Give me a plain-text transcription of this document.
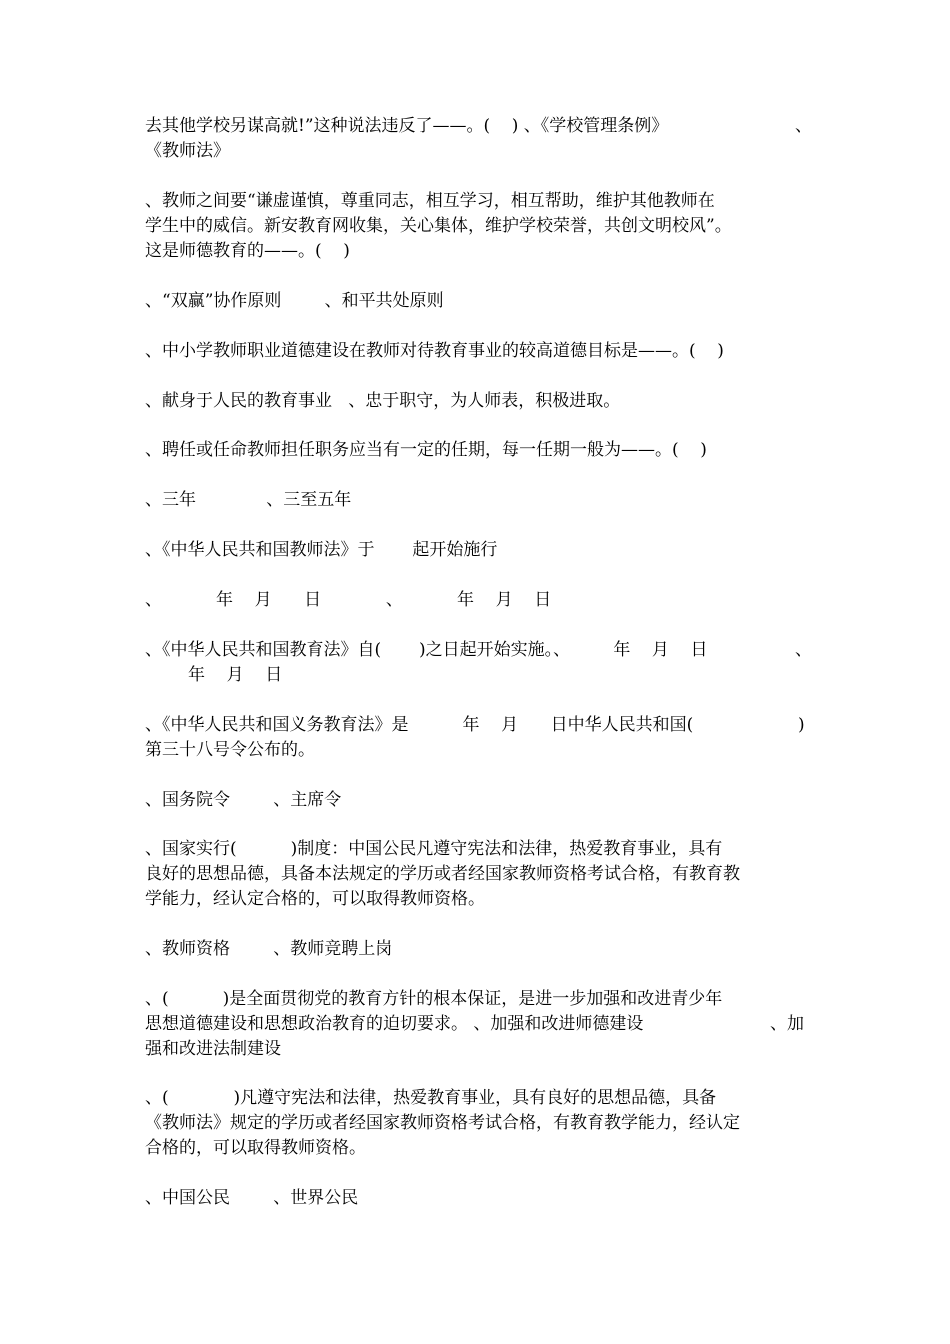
去其他学校另谋高就!”这种说法违反了——。(    ) 、《学校管理条例》	、
《教师法》
、教师之间要“谦虚谨慎，尊重同志，相互学习，相互帮助，维护其他教师在
学生中的威信。新安教育网收集，关心集体，维护学校荣誉，共创文明校风”。
这是师德教育的——。(    )
、“双赢”协作原则        、和平共处原则
、中小学教师职业道德建设在教师对待教育事业的较高道德目标是——。(    )
、献身于人民的教育事业   、忠于职守，为人师表，积极进取。
、聘任或任命教师担任职务应当有一定的任期，每一任期一般为——。(    )
、三年             、三至五年
、《中华人民共和国教师法》于       起开始施行
、          年    月      日            、          年    月    日
、《中华人民共和国教育法》自(       )之日起开始实施。、        年    月    日	、
年    月    日
、《中华人民共和国义务教育法》是          年    月      日中华人民共和国(	)
第三十八号令公布的。
、国务院令        、主席令
、国家实行(          )制度：中国公民凡遵守宪法和法律，热爱教育事业，具有
良好的思想品德，具备本法规定的学历或者经国家教师资格考试合格，有教育教
学能力，经认定合格的，可以取得教师资格。
、教师资格        、教师竞聘上岗
、(          )是全面贯彻党的教育方针的根本保证，是进一步加强和改进青少年
思想道德建设和思想政治教育的迫切要求。 、加强和改进师德建设	、加
强和改进法制建设
、(            )凡遵守宪法和法律，热爱教育事业，具有良好的思想品德，具备
《教师法》规定的学历或者经国家教师资格考试合格，有教育教学能力，经认定
合格的，可以取得教师资格。
、中国公民        、世界公民
